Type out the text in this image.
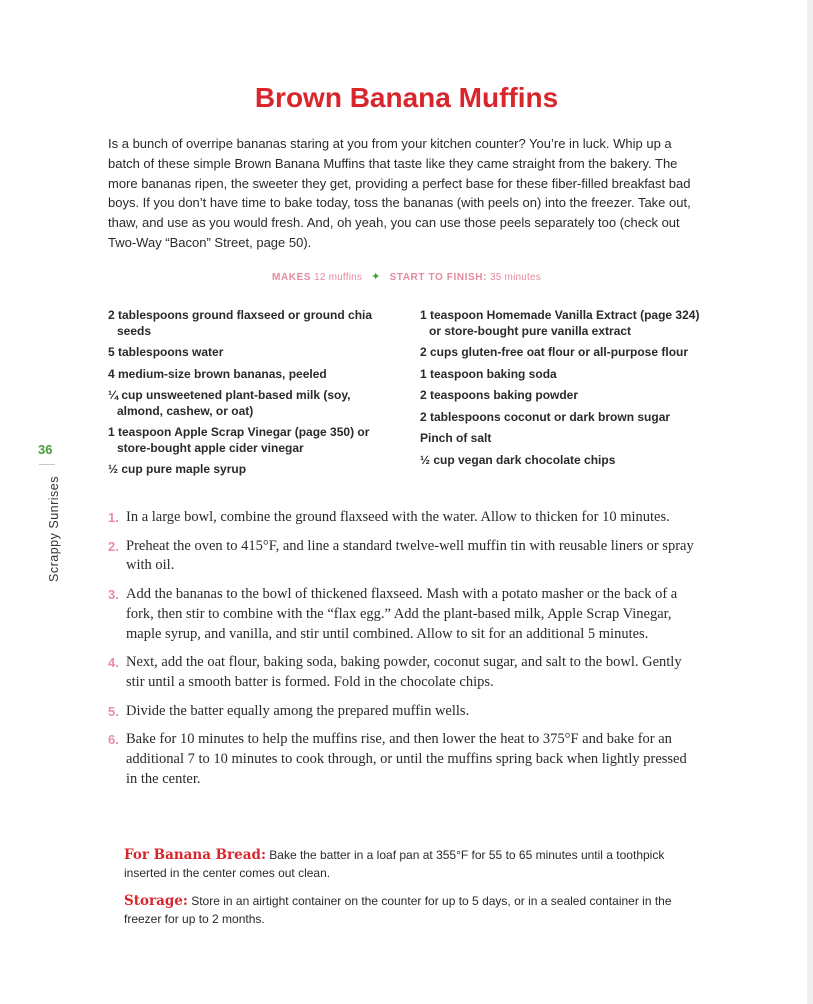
36
Scrappy Sunrises
Brown Banana Muffins

Is a bunch of overripe bananas staring at you from your kitchen counter? You’re in luck. Whip up a batch of these simple Brown Banana Muffins that taste like they came straight from the bakery. The more bananas ripen, the sweeter they get, providing a perfect base for these fiber-filled breakfast bad boys. If you don’t have time to bake today, toss the bananas (with peels on) into the freezer. Take out, thaw, and use as you would fresh. And, oh yeah, you can use those peels separately too (check out Two-Way “Bacon” Street, page 50).

MAKES 12 muffins ✦ START TO FINISH: 35 minutes
2 tablespoons ground flaxseed or ground chia seeds
5 tablespoons water
4 medium-size brown bananas, peeled
¼ cup unsweetened plant-based milk (soy, almond, cashew, or oat)
1 teaspoon Apple Scrap Vinegar (page 350) or store-bought apple cider vinegar
½ cup pure maple syrup
1 teaspoon Homemade Vanilla Extract (page 324) or store-bought pure vanilla extract
2 cups gluten-free oat flour or all-purpose flour
1 teaspoon baking soda
2 teaspoons baking powder
2 tablespoons coconut or dark brown sugar
Pinch of salt
½ cup vegan dark chocolate chips
1. In a large bowl, combine the ground flaxseed with the water. Allow to thicken for 10 minutes.
2. Preheat the oven to 415°F, and line a standard twelve-well muffin tin with reusable liners or spray with oil.
3. Add the bananas to the bowl of thickened flaxseed. Mash with a potato masher or the back of a fork, then stir to combine with the “flax egg.” Add the plant-based milk, Apple Scrap Vinegar, maple syrup, and vanilla, and stir until combined. Allow to sit for an additional 5 minutes.
4. Next, add the oat flour, baking soda, baking powder, coconut sugar, and salt to the bowl. Gently stir until a smooth batter is formed. Fold in the chocolate chips.
5. Divide the batter equally among the prepared muffin wells.
6. Bake for 10 minutes to help the muffins rise, and then lower the heat to 375°F and bake for an additional 7 to 10 minutes to cook through, or until the muffins spring back when lightly pressed in the center.

For Banana Bread: Bake the batter in a loaf pan at 355°F for 55 to 65 minutes until a toothpick inserted in the center comes out clean.

Storage: Store in an airtight container on the counter for up to 5 days, or in a sealed container in the freezer for up to 2 months.
